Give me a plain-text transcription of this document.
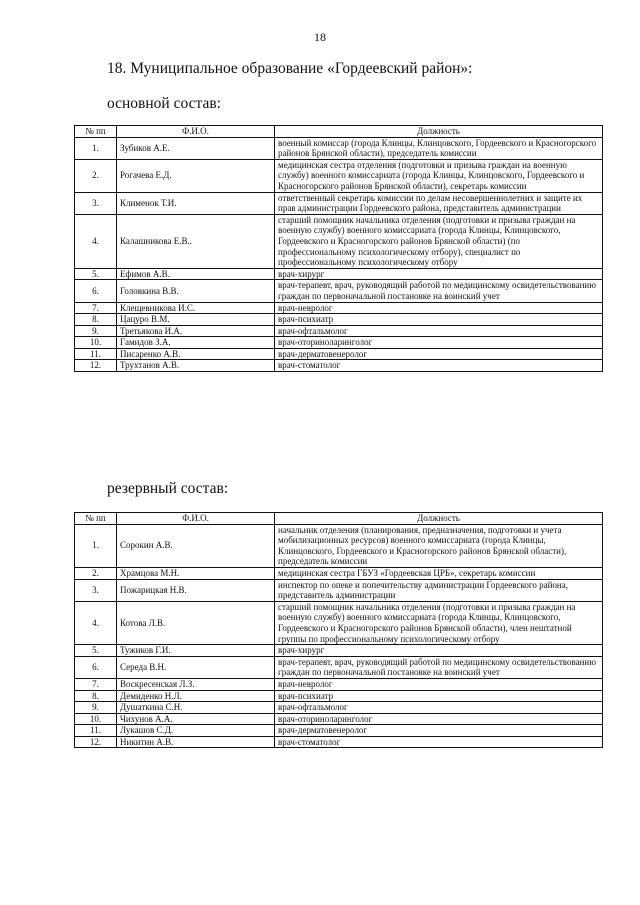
18
18. Муниципальное образование «Гордеевский район»:
основной состав:
№ пп	Ф.И.О.	Должность
1.	Зубиков А.Е.	военный комиссар (города Клинцы, Клинцовского, Гордеевского и Красногорского районов Брянской области), председатель комиссии
2.	Рогачева Е.Д.	медицинская сестра отделения (подготовки и призыва граждан на военную службу) военного комиссариата (города Клинцы, Клинцовского, Гордеевского и Красногорского районов Брянской области), секретарь комиссии
3.	Клименок Т.И.	ответственный секретарь комиссии по делам несовершеннолетних и защите их прав администрации Гордеевского района, представитель администрации
4.	Калашникова Е.В..	старший помощник начальника отделения (подготовки и призыва граждан на военную службу) военного комиссариата (города Клинцы, Клинцовского, Гордеевского и Красногорского районов Брянской области) (по профессиональному психологическому отбору), специалист по профессиональному психологическому отбору
5.	Ефимов А.В.	врач-хирург
6.	Головкина В.В.	врач-терапевт, врач, руководящий работой по медицинскому освидетельствованию граждан по первоначальной постановке на воинский учет
7.	Клещевникова И.С.	врач-невролог
8.	Цацуро В.М.	врач-психиатр
9.	Третьякова И.А.	врач-офтальмолог
10.	Гамидов З.А.	врач-оториноларинголог
11.	Писаренко А.В.	врач-дерматовенеролог
12.	Трухтанов А.В.	врач-стоматолог
резервный состав:
№ пп	Ф.И.О.	Должность
1.	Сорокин А.В.	начальник отделения (планирования, предназначения, подготовки и учета мобилизационных ресурсов) военного комиссариата (города Клинцы, Клинцовского, Гордеевского и Красногорского районов Брянской области), председатель комиссии
2.	Храмцова М.Н.	медицинская сестра ГБУЗ «Гордеевская ЦРБ», секретарь комиссии
3.	Пожарицкая Н.В.	инспектор по опеке и попечительству администрации Гордеевского района, представитель администрации
4.	Котова Л.В.	старший помощник начальника отделения (подготовки и призыва граждан на военную службу) военного комиссариата (города Клинцы, Клинцовского, Гордеевского и Красногорского районов Брянской области), член нештатной группы по профессиональному психологическому отбору
5.	Тужиков Г.И.	врач-хирург
6.	Середа В.Н.	врач-терапевт, врач, руководящий работой по медицинскому освидетельствованию граждан по первоначальной постановке на воинский учет
7.	Воскресенская Л.З.	врач-невролог
8.	Демиденко Н.Л.	врач-психиатр
9.	Душаткина С.Н.	врач-офтальмолог
10.	Чихунов А.А.	врач-оториноларинголог
11.	Лукашов С.Д.	врач-дерматовенеролог
12.	Никитин А.В.	врач-стоматолог
